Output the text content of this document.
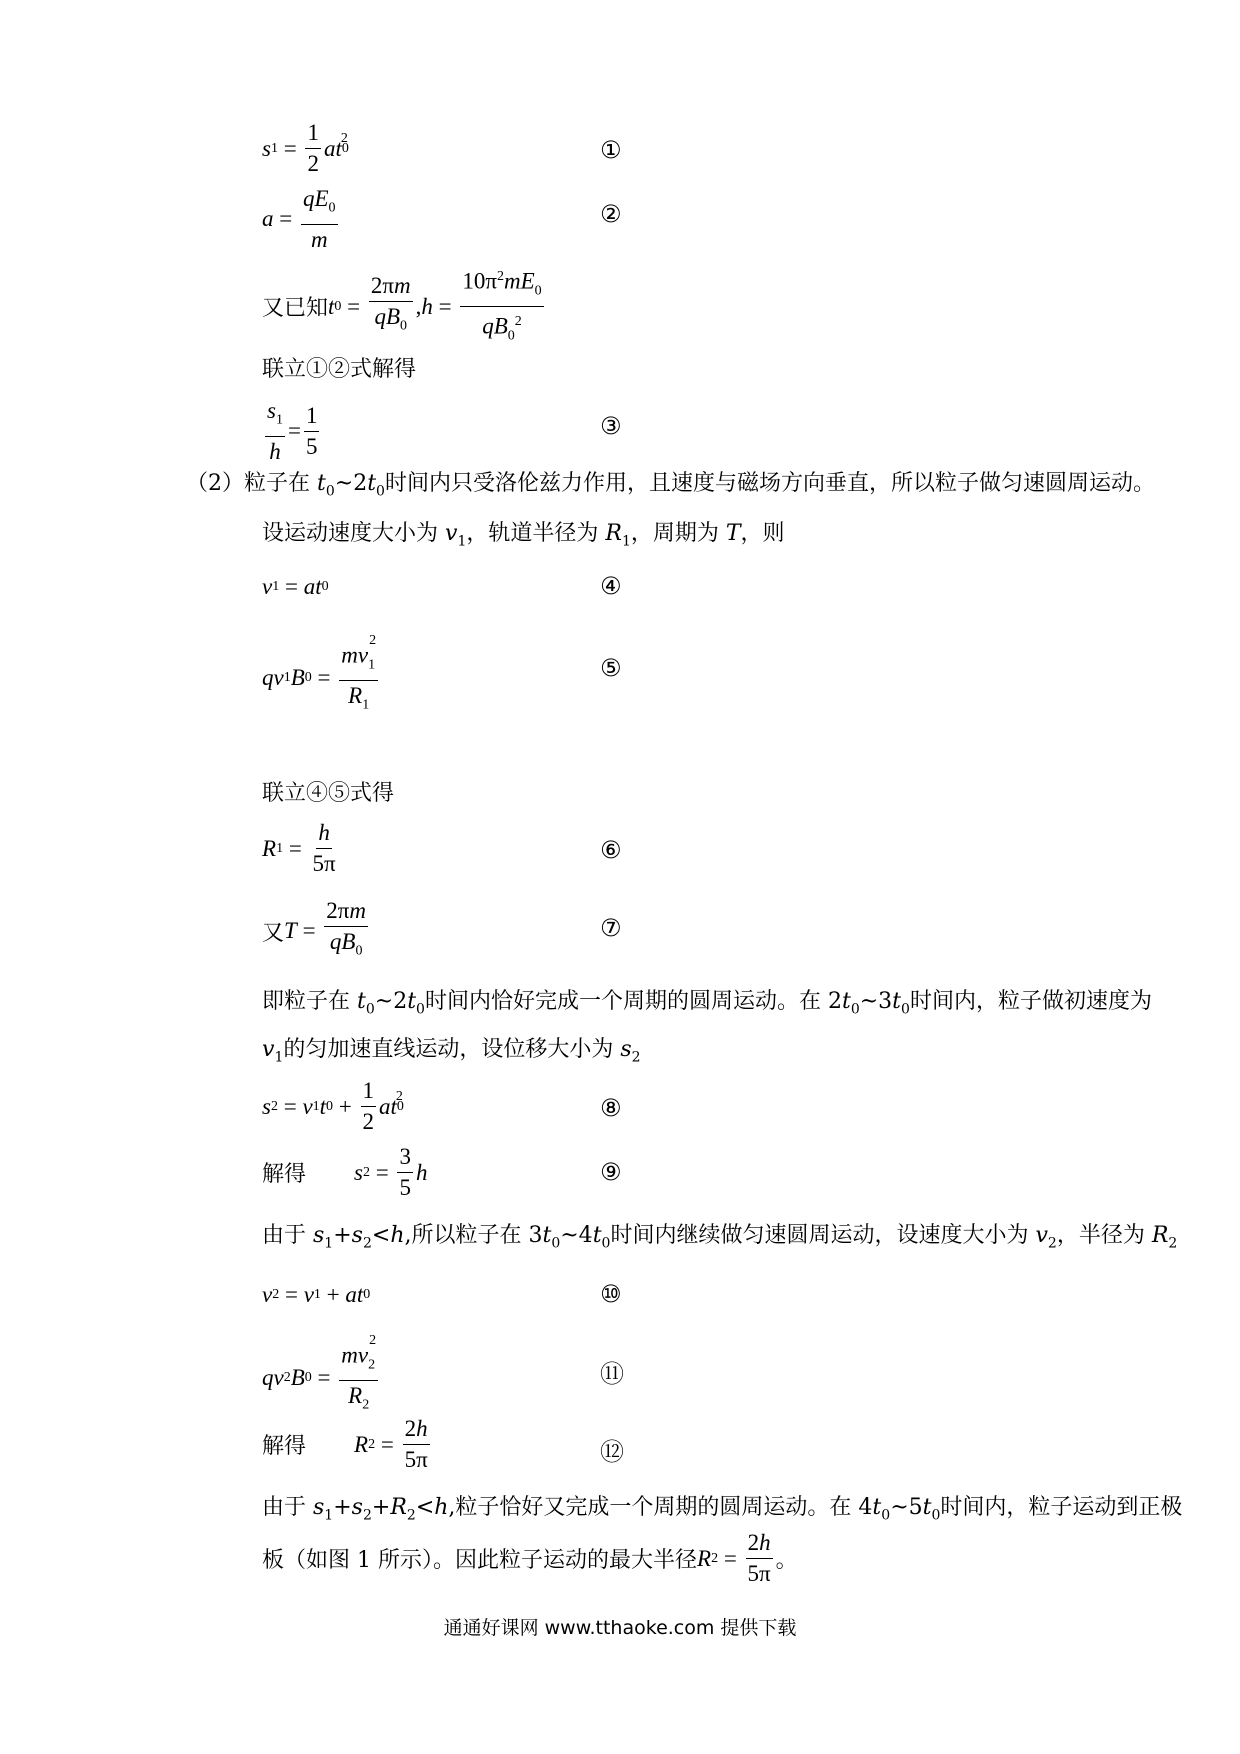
s $1 = \frac{1}{2}$ at 0
$^2$	①
$a = \frac{qE_0}{m}$	②
又已知 t $0 = \frac{2\pi m}{qB_0}$ , $h = \frac{10\pi^2mE_0}{qB_0^2}$
联立①②式解得
$\frac{s_1}{h} = \frac{1}{5}$	③
（2）粒子在 $t_0\sim 2t_0$时间内只受洛伦兹力作用，且速度与磁场方向垂直，所以粒子做匀速圆周运动。
设运动速度大小为 $v_1$，轨道半径为 $R_1$，周期为 T，则
v 1 = at 0	④
qv 1 B $0 = \frac{mv_1^2}{R_1}$	⑤
联立④⑤式得
R $1 = \frac{h}{5\pi}$	⑥
又 $T = \frac{2\pi m}{qB_0}$	⑦
即粒子在 $t_0\sim 2t_0$时间内恰好完成一个周期的圆周运动。在 $2t_0\sim 3t_0$时间内，粒子做初速度为
$v_1$的匀加速直线运动，设位移大小为 $s_2$
s 2 = v 1 t $0 + \frac{1}{2}$ at 0
$^2$	⑧
解得 s $2 = \frac{3}{5}$ h	⑨
由于 $s_1+s_2<h$,所以粒子在 $3t_0\sim 4t_0$时间内继续做匀速圆周运动，设速度大小为 $v_2$，半径为 $R_2$
v 2 = v 1 + at 0	⑩
qv 2 B $0 = \frac{mv_2^2}{R_2}$	⑪
解得 R $2 = \frac{2h}{5\pi}$	⑫
由于 $s_1+s_2+R_2<h$,粒子恰好又完成一个周期的圆周运动。在 $4t_0\sim 5t_0$时间内，粒子运动到正极
板（如图 1 所示）。因此粒子运动的最大半径 R $2 = \frac{2h}{5\pi}$ 。
通通好课网 www.tthaoke.com 提供下载
